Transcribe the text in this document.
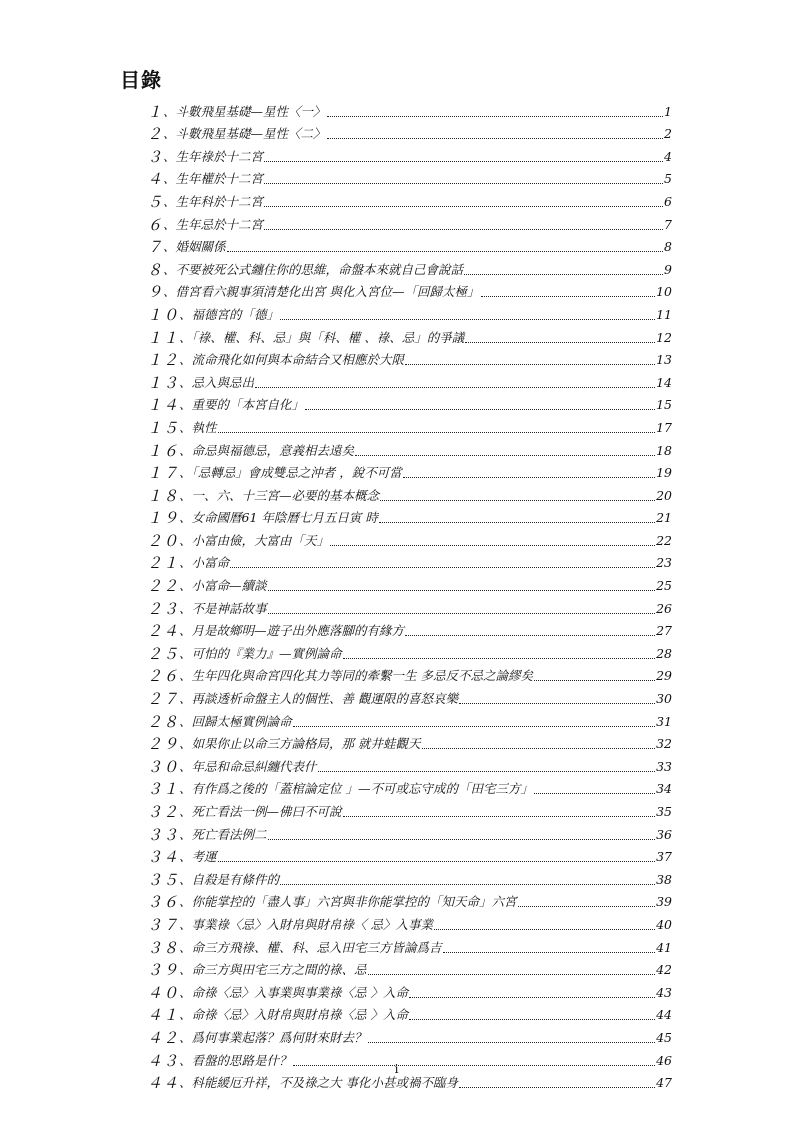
目錄
１ 、斗數飛星基礎—星性〈一〉	1
２ 、斗數飛星基礎—星性〈二〉	2
３ 、生年祿於十二宮	4
４ 、生年權於十二宮	5
５ 、生年科於十二宮	6
６ 、生年忌於十二宮	7
７ 、婚姻關係	8
８ 、不要被死公式纏住你的思維，命盤本來就自己會說話	9
９ 、借宮看六親事須清楚化出宮 與化入宮位—「回歸太極」	10
１０ 、福德宮的「德」	11
１１ 、「祿、權、科、忌」與「科、權 、祿、忌」的爭議	12
１２ 、流命飛化如何與本命結合又相應於大限	13
１３ 、忌入與忌出	14
１４ 、重要的「本宮自化」	15
１５ 、執性	17
１６ 、命忌與福德忌，意義相去遠矣	18
１７ 、「忌轉忌」會成雙忌之沖者 ，銳不可當	19
１８ 、一、六、十三宮—必要的基本概念	20
１９ 、女命國曆61 年陰曆七月五日寅 時	21
２０ 、小富由儉，大富由「天」	22
２１ 、小富命	23
２２ 、小富命—續談	25
２３ 、不是神話故事	26
２４ 、月是故鄉明—遊子出外應落腳的有緣方	27
２５ 、可怕的『業力』—實例論命	28
２６ 、生年四化與命宮四化其力等同的牽繫一生 多忌反不忌之論繆矣	29
２７ 、再談透析命盤主人的個性、善 觀運限的喜怒哀樂	30
２８ 、回歸太極實例論命	31
２９ 、如果你止以命三方論格局，那 就井蛙觀天	32
３０ 、年忌和命忌糾纏代表什	33
３１ 、有作爲之後的「蓋棺論定位 」—不可或忘守成的「田宅三方」	34
３２ 、死亡看法一例—佛曰不可說	35
３３ 、死亡看法例二	36
３４ 、考運	37
３５ 、自殺是有條件的	38
３６ 、你能掌控的「盡人事」六宮與非你能掌控的「知天命」六宮	39
３７ 、事業祿〈忌〉入財帛與財帛祿〈 忌〉入事業	40
３８ 、命三方飛祿、權、科、忌入田宅三方皆論爲吉	41
３９ 、命三方與田宅三方之間的祿、忌	42
４０ 、命祿〈忌〉入事業與事業祿〈忌 〉入命	43
４１ 、命祿〈忌〉入財帛與財帛祿〈忌 〉入命	44
４２ 、爲何事業起落？爲何財來財去？	45
４３ 、看盤的思路是什？	46
４４ 、科能緩厄升祥，不及祿之大 事化小甚或禍不臨身	47
i
